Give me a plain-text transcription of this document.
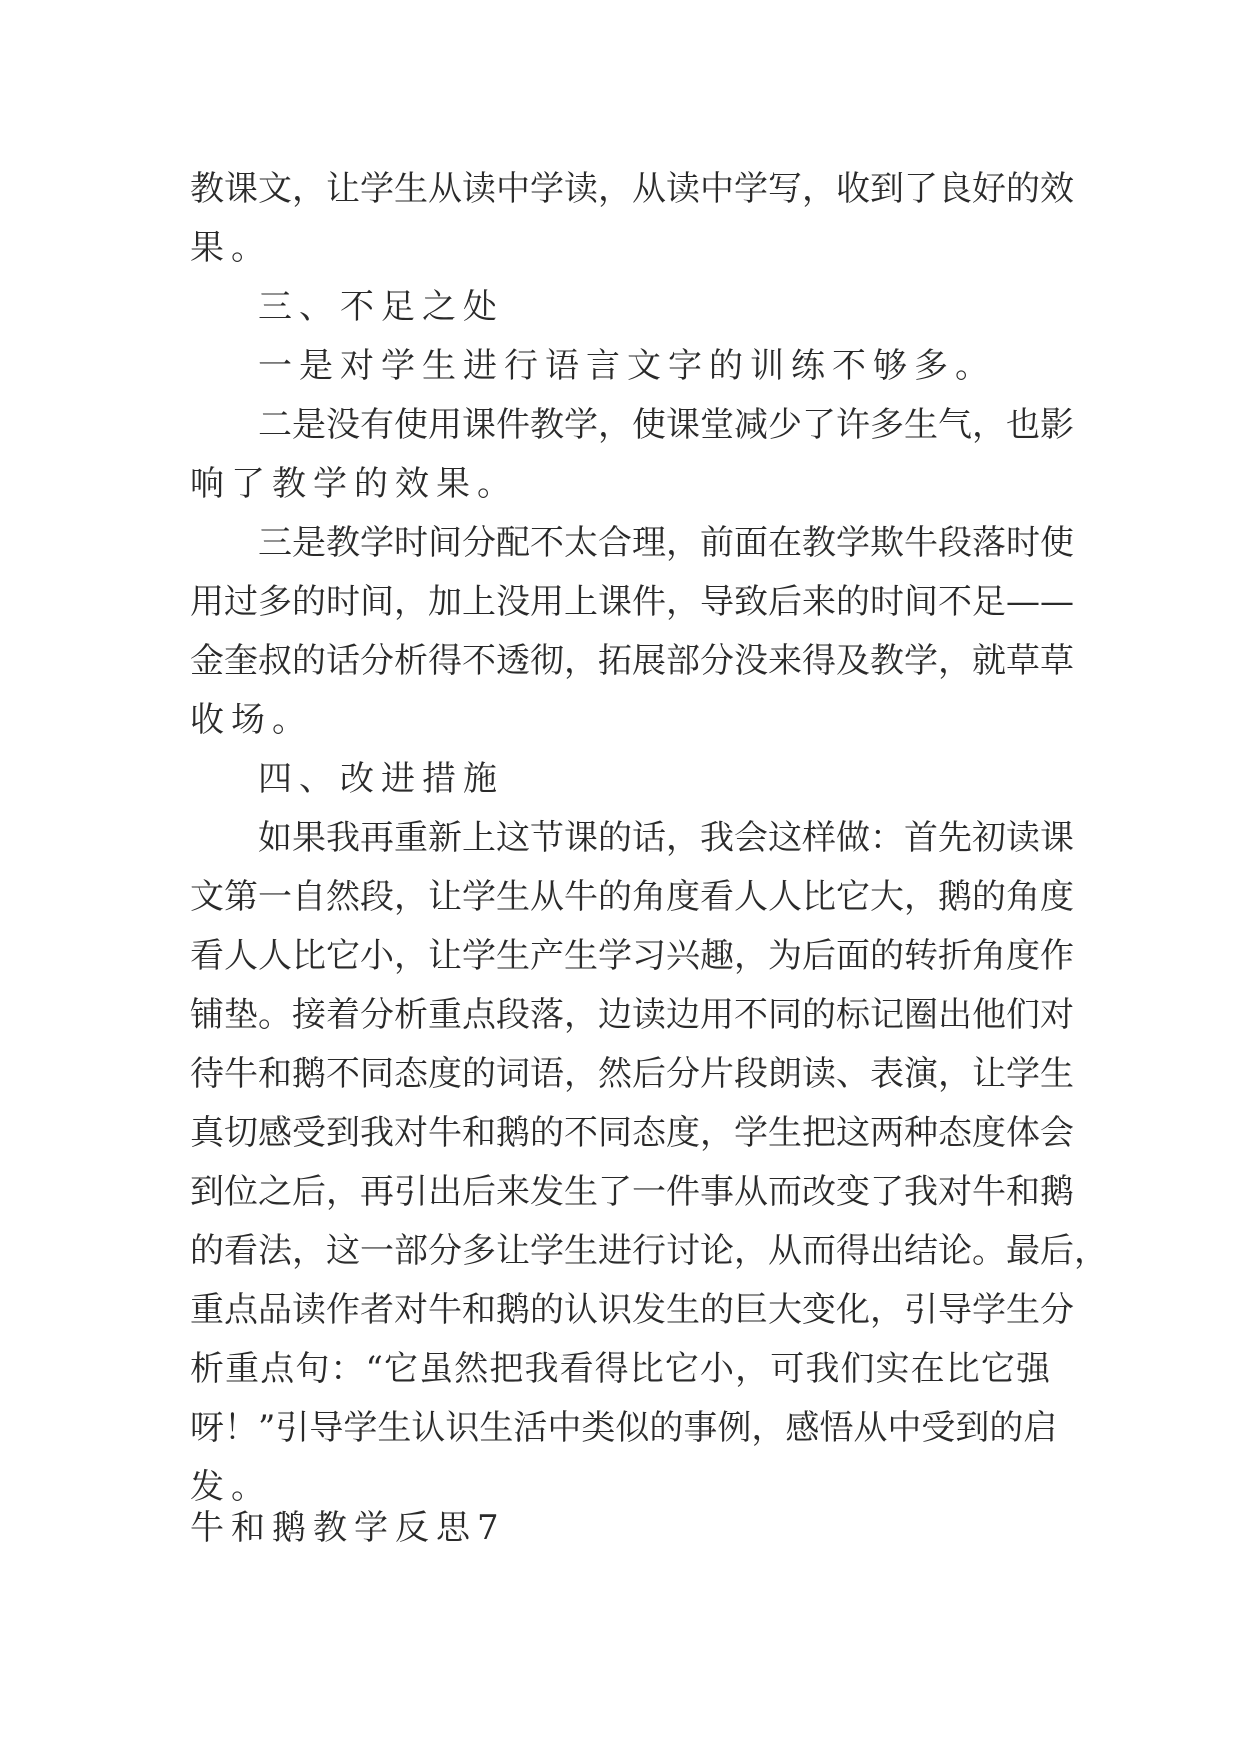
教课文，让学生从读中学读，从读中学写，收到了良好的效
果。
三、不足之处
一是对学生进行语言文字的训练不够多。
二是没有使用课件教学，使课堂减少了许多生气，也影
响了教学的效果。
三是教学时间分配不太合理，前面在教学欺牛段落时使
用过多的时间，加上没用上课件，导致后来的时间不足——
金奎叔的话分析得不透彻，拓展部分没来得及教学，就草草
收场。
四、改进措施
如果我再重新上这节课的话，我会这样做：首先初读课
文第一自然段，让学生从牛的角度看人人比它大，鹅的角度
看人人比它小，让学生产生学习兴趣，为后面的转折角度作
铺垫。接着分析重点段落，边读边用不同的标记圈出他们对
待牛和鹅不同态度的词语，然后分片段朗读、表演，让学生
真切感受到我对牛和鹅的不同态度，学生把这两种态度体会
到位之后，再引出后来发生了一件事从而改变了我对牛和鹅
的看法，这一部分多让学生进行讨论，从而得出结论。最后，
重点品读作者对牛和鹅的认识发生的巨大变化，引导学生分
析重点句：“它虽然把我看得比它小，可我们实在比它强
呀！”引导学生认识生活中类似的事例，感悟从中受到的启
发。
牛和鹅教学反思7
